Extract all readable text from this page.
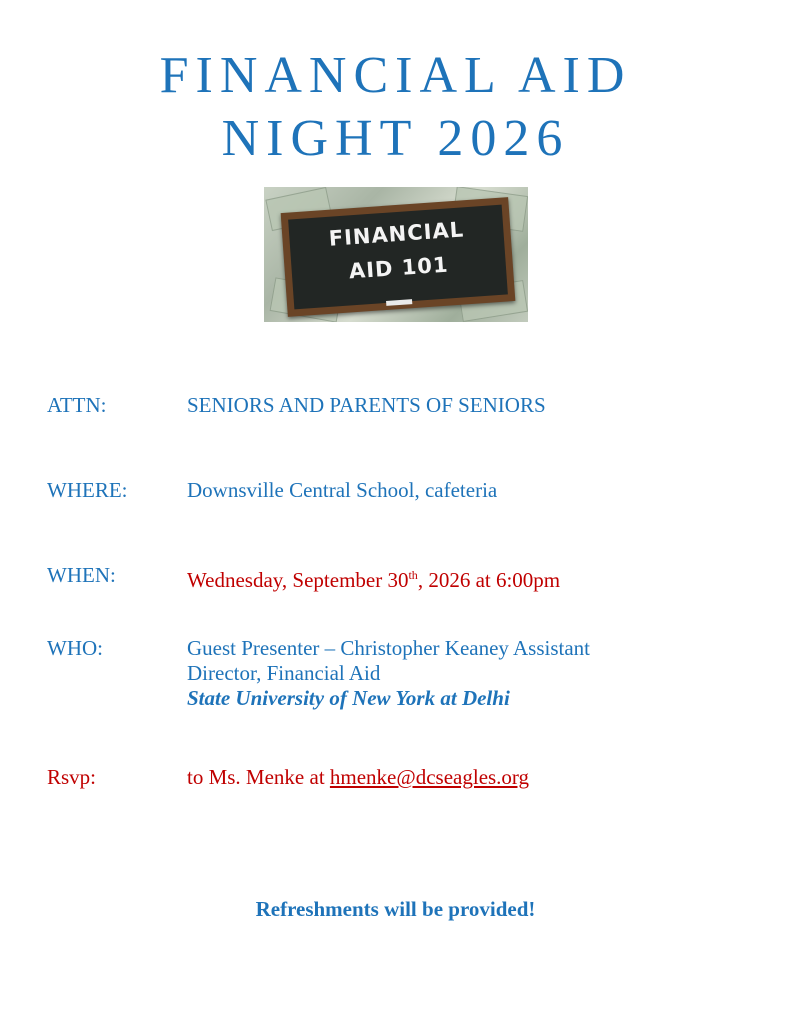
FINANCIAL AID
NIGHT 2026
FINANCIAL
AID 101
ATTN:	SENIORS AND PARENTS OF SENIORS
WHERE:	Downsville Central School, cafeteria
WHEN:	Wednesday, September 30th, 2026 at 6:00pm
WHO:	Guest Presenter – Christopher Keaney Assistant
Director, Financial Aid
State University of New York at Delhi
Rsvp:	to Ms. Menke at hmenke@dcseagles.org
Refreshments will be provided!
